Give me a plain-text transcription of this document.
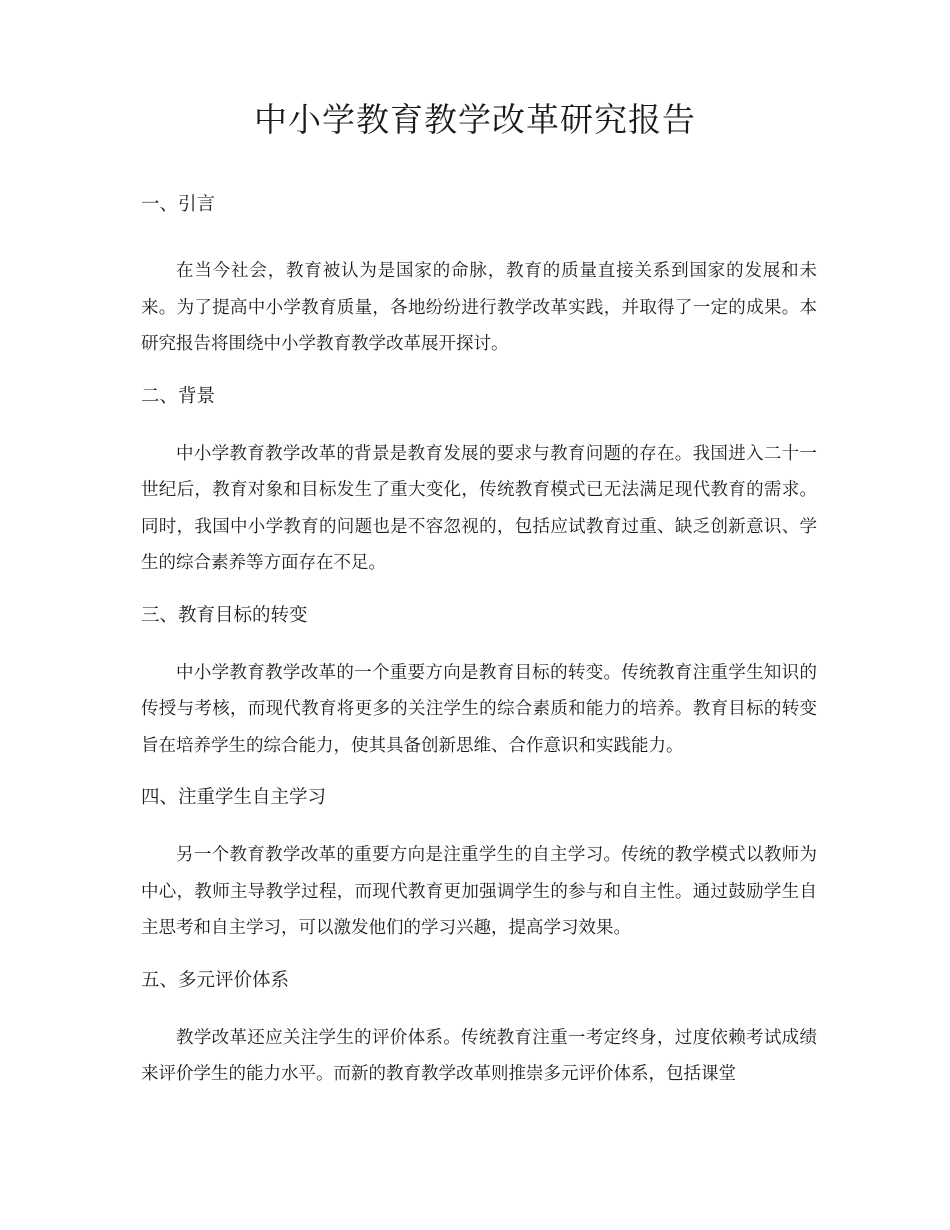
中小学教育教学改革研究报告
一、引言

在当今社会，教育被认为是国家的命脉，教育的质量直接关系到国家的发展和未来。为了提高中小学教育质量，各地纷纷进行教学改革实践，并取得了一定的成果。本研究报告将围绕中小学教育教学改革展开探讨。

二、背景

中小学教育教学改革的背景是教育发展的要求与教育问题的存在。我国进入二十一世纪后，教育对象和目标发生了重大变化，传统教育模式已无法满足现代教育的需求。同时，我国中小学教育的问题也是不容忽视的，包括应试教育过重、缺乏创新意识、学生的综合素养等方面存在不足。

三、教育目标的转变

中小学教育教学改革的一个重要方向是教育目标的转变。传统教育注重学生知识的传授与考核，而现代教育将更多的关注学生的综合素质和能力的培养。教育目标的转变旨在培养学生的综合能力，使其具备创新思维、合作意识和实践能力。

四、注重学生自主学习

另一个教育教学改革的重要方向是注重学生的自主学习。传统的教学模式以教师为中心，教师主导教学过程，而现代教育更加强调学生的参与和自主性。通过鼓励学生自主思考和自主学习，可以激发他们的学习兴趣，提高学习效果。

五、多元评价体系

教学改革还应关注学生的评价体系。传统教育注重一考定终身，过度依赖考试成绩来评价学生的能力水平。而新的教育教学改革则推崇多元评价体系，包括课堂
